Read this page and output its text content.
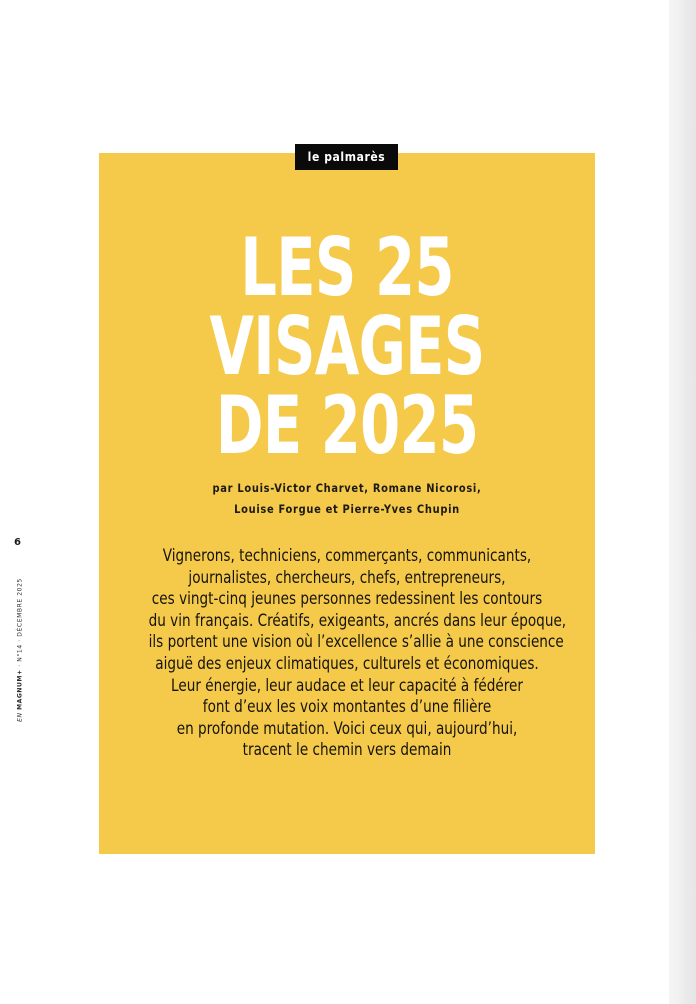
6
EN MAGNUM+ · N°14 · DÉCEMBRE 2025
le palmarès
LES 25
VISAGES
DE 2025
par Louis-Victor Charvet, Romane Nicorosi,
Louise Forgue et Pierre-Yves Chupin
Vignerons, techniciens, commerçants, communicants,
journalistes, chercheurs, chefs, entrepreneurs,
ces vingt-cinq jeunes personnes redessinent les contours
du vin français. Créatifs, exigeants, ancrés dans leur époque,
ils portent une vision où l’excellence s’allie à une conscience
aiguë des enjeux climatiques, culturels et économiques.
Leur énergie, leur audace et leur capacité à fédérer
font d’eux les voix montantes d’une filière
en profonde mutation. Voici ceux qui, aujourd’hui,
tracent le chemin vers demain
